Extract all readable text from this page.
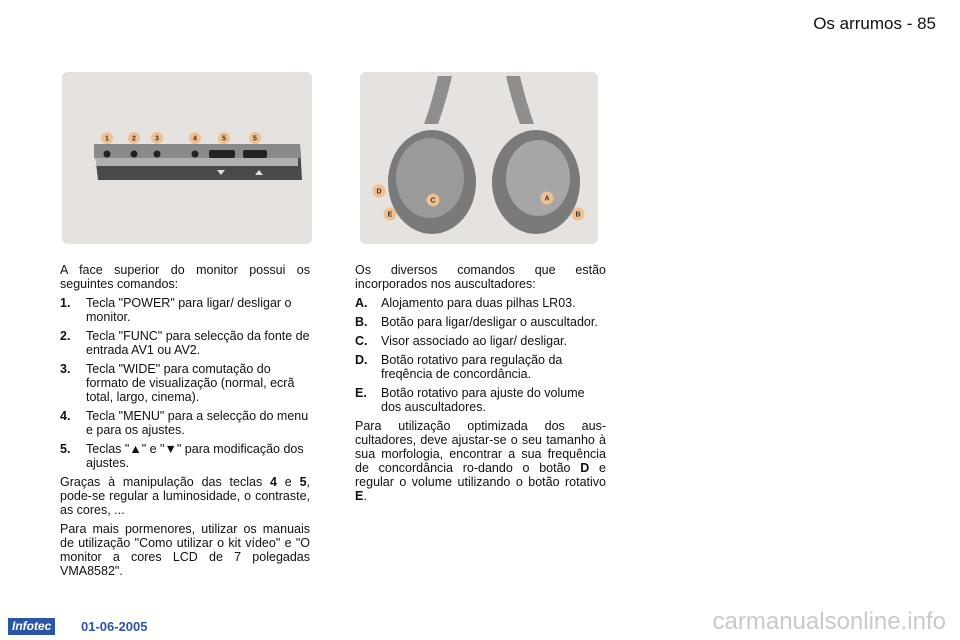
Os arrumos - 85
1	2	3	4	5	5
D
E
C	A
B

A face superior do monitor possui os seguintes comandos:

1.	Tecla "POWER" para ligar/ desligar o monitor.
2.	Tecla "FUNC" para selecção da fonte de entrada AV1 ou AV2.
3.	Tecla "WIDE" para comutação do formato de visualização (normal, ecrã total, largo, cinema).
4.	Tecla "MENU" para a selecção do menu e para os ajustes.
5.	Teclas "▲" e "▼" para modificação dos ajustes.

Graças à manipulação das teclas 4 e 5, pode-se regular a luminosidade, o contraste, as cores, ...

Para mais pormenores, utilizar os manuais de utilização "Como utilizar o kit vídeo" e "O monitor a cores LCD de 7 polegadas VMA8582".

Os diversos comandos que estão incorporados nos auscultadores:

A.	Alojamento para duas pilhas LR03.
B.	Botão para ligar/desligar o auscultador.
C.	Visor associado ao ligar/ desligar.
D.	Botão rotativo para regulação da freqência de concordância.
E.	Botão rotativo para ajuste do volume dos auscultadores.

Para utilização optimizada dos aus-cultadores, deve ajustar-se o seu tamanho à sua morfologia, encontrar a sua frequência de concordância ro-dando o botão D e regular o volume utilizando o botão rotativo E.

Infotec	01-06-2005	carmanualsonline.info
